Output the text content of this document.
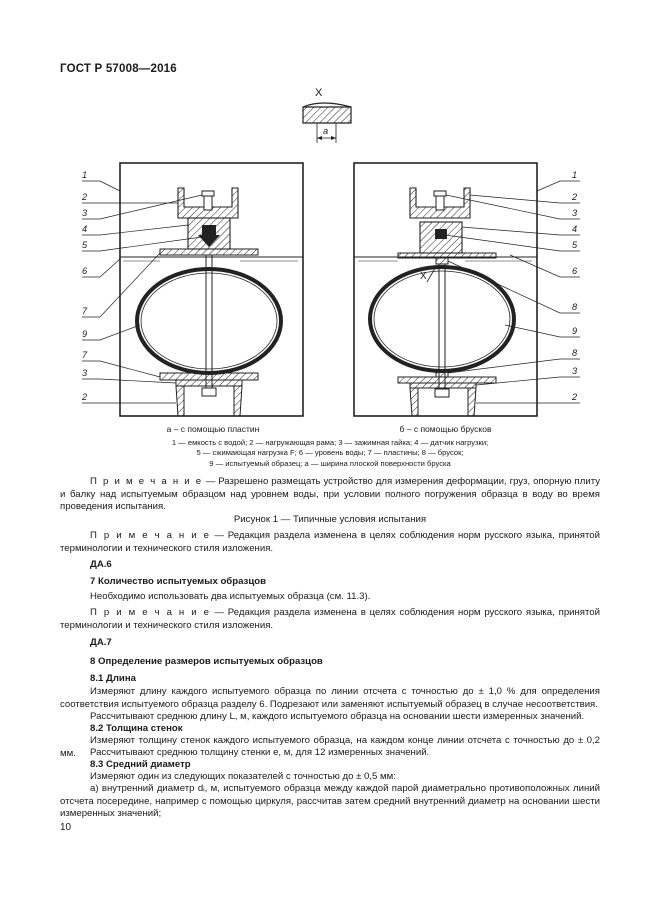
ГОСТ Р 57008—2016
X
a
X
1
2
3
4
5
6
7
9
7
3
2
1
2
3
4
5
6
8
9
8
3
2
а – с помощью пластин	б – с помощью брусков
1 — емкость с водой; 2 — нагружающая рама; 3 — зажимная гайка; 4 — датчик нагрузки;
5 — сжимающая нагрузка F; 6 — уровень воды; 7 — пластины; 8 — брусок;
9 — испытуемый образец; a — ширина плоской поверхности бруска
П р и м е ч а н и е — Разрешено размещать устройство для измерения деформации, груз, опорную плиту и балку над испытуемым образцом над уровнем воды, при условии полного погружения образца в воду во время проведения испытания.
Рисунок 1 — Типичные условия испытания
П р и м е ч а н и е — Редакция раздела изменена в целях соблюдения норм русского языка, принятой терминологии и технического стиля изложения.
ДА.6
7 Количество испытуемых образцов
Необходимо использовать два испытуемых образца (см. 11.3).
П р и м е ч а н и е — Редакция раздела изменена в целях соблюдения норм русского языка, принятой терминологии и технического стиля изложения.
ДА.7
8 Определение размеров испытуемых образцов
8.1 Длина
Измеряют длину каждого испытуемого образца по линии отсчета с точностью до ± 1,0 % для определения соответствия испытуемого образца разделу 6. Подрезают или заменяют испытуемый образец в случае несоответствия.
Рассчитывают среднюю длину L, м, каждого испытуемого образца на основании шести измеренных значений.
8.2 Толщина стенок
Измеряют толщину стенок каждого испытуемого образца, на каждом конце линии отсчета с точностью до ± 0,2 мм.	Рассчитывают среднюю толщину стенки e, м, для 12 измеренных значений.
8.3 Средний диаметр
Измеряют один из следующих показателей с точностью до ± 0,5 мм:
а) внутренний диаметр dᵢ, м, испытуемого образца между каждой парой диаметрально противоположных линий отсчета посередине, например с помощью циркуля, рассчитав затем средний внутренний диаметр на основании шести измеренных значений;
10
